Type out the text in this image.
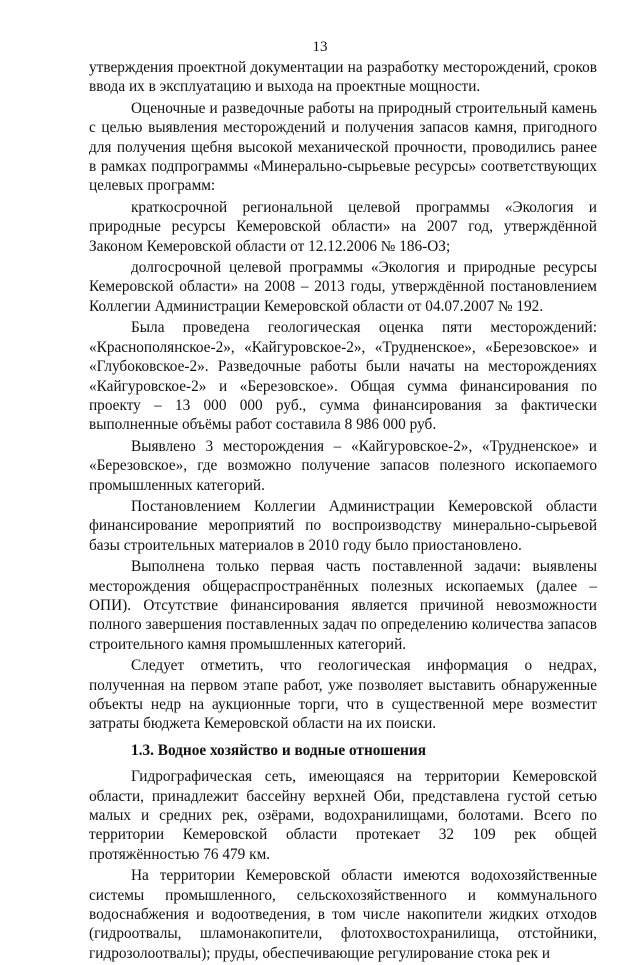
13

утверждения проектной документации на разработку месторождений, сроков ввода их в эксплуатацию и выхода на проектные мощности.

Оценочные и разведочные работы на природный строительный камень с целью выявления месторождений и получения запасов камня, пригодного для получения щебня высокой механической прочности, проводились ранее в рамках подпрограммы «Минерально-сырьевые ресурсы» соответствующих целевых программ:

краткосрочной региональной целевой программы «Экология и природные ресурсы Кемеровской области» на 2007 год, утверждённой Законом Кемеровской области от 12.12.2006 № 186-ОЗ;

долгосрочной целевой программы «Экология и природные ресурсы Кемеровской области» на 2008 – 2013 годы, утверждённой постановлением Коллегии Администрации Кемеровской области от 04.07.2007 № 192.

Была проведена геологическая оценка пяти месторождений: «Краснополянское-2», «Кайгуровское-2», «Трудненское», «Березовское» и «Глубоковское-2». Разведочные работы были начаты на месторождениях «Кайгуровское-2» и «Березовское». Общая сумма финансирования по проекту – 13 000 000 руб., сумма финансирования за фактически выполненные объёмы работ составила 8 986 000 руб.

Выявлено 3 месторождения – «Кайгуровское-2», «Трудненское» и «Березовское», где возможно получение запасов полезного ископаемого промышленных категорий.

Постановлением Коллегии Администрации Кемеровской области финансирование мероприятий по воспроизводству минерально-сырьевой базы строительных материалов в 2010 году было приостановлено.

Выполнена только первая часть поставленной задачи: выявлены месторождения общераспространённых полезных ископаемых (далее – ОПИ). Отсутствие финансирования является причиной невозможности полного завершения поставленных задач по определению количества запасов строительного камня промышленных категорий.

Следует отметить, что геологическая информация о недрах, полученная на первом этапе работ, уже позволяет выставить обнаруженные объекты недр на аукционные торги, что в существенной мере возместит затраты бюджета Кемеровской области на их поиски.

1.3. Водное хозяйство и водные отношения

Гидрографическая сеть, имеющаяся на территории Кемеровской области, принадлежит бассейну верхней Оби, представлена густой сетью малых и средних рек, озёрами, водохранилищами, болотами. Всего по территории Кемеровской области протекает 32 109 рек общей протяжённостью 76 479 км.

На территории Кемеровской области имеются водохозяйственные системы промышленного, сельскохозяйственного и коммунального водоснабжения и водоотведения, в том числе накопители жидких отходов (гидроотвалы, шламонакопители, флотохвостохранилища, отстойники, гидрозолоотвалы); пруды, обеспечивающие регулирование стока рек и
